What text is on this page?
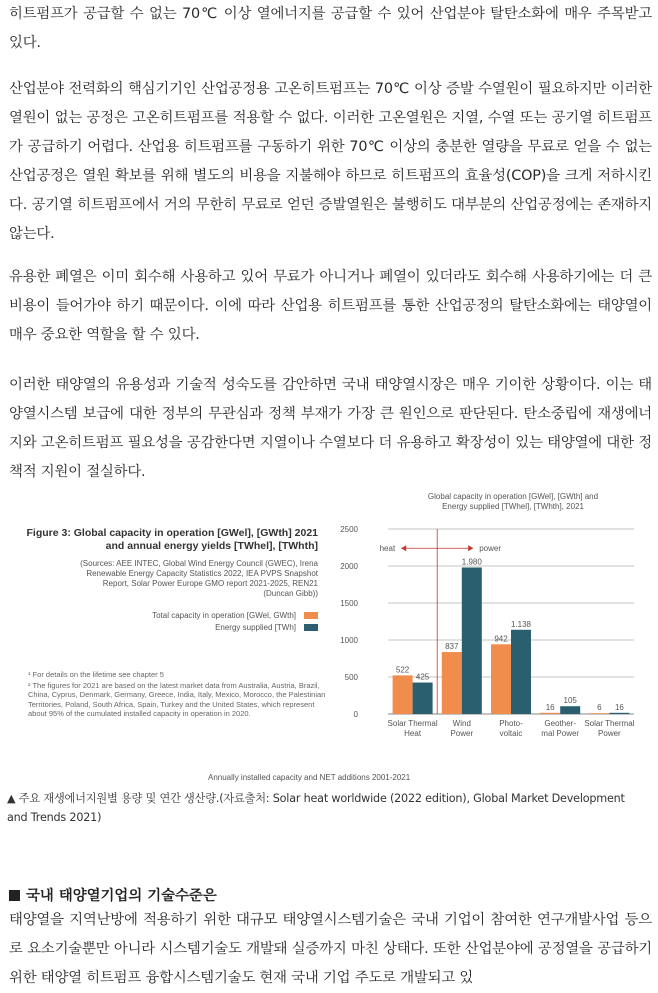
히트펌프가 공급할 수 없는 70℃ 이상 열에너지를 공급할 수 있어 산업분야 탈탄소화에 매우 주목받고 있다.

산업분야 전력화의 핵심기기인 산업공정용 고온히트펌프는 70℃ 이상 증발 수열원이 필요하지만 이러한 열원이 없는 공정은 고온히트펌프를 적용할 수 없다. 이러한 고온열원은 지열, 수열 또는 공기열 히트펌프가 공급하기 어렵다. 산업용 히트펌프를 구동하기 위한 70℃ 이상의 충분한 열량을 무료로 얻을 수 없는 산업공정은 열원 확보를 위해 별도의 비용을 지불해야 하므로 히트펌프의 효율성(COP)을 크게 저하시킨다. 공기열 히트펌프에서 거의 무한히 무료로 얻던 증발열원은 불행히도 대부분의 산업공정에는 존재하지 않는다.

유용한 폐열은 이미 회수해 사용하고 있어 무료가 아니거나 폐열이 있더라도 회수해 사용하기에는 더 큰 비용이 들어가야 하기 때문이다. 이에 따라 산업용 히트펌프를 통한 산업공정의 탈탄소화에는 태양열이 매우 중요한 역할을 할 수 있다.

이러한 태양열의 유용성과 기술적 성숙도를 감안하면 국내 태양열시장은 매우 기이한 상황이다. 이는 태양열시스템 보급에 대한 정부의 무관심과 정책 부재가 가장 큰 원인으로 판단된다. 탄소중립에 재생에너지와 고온히트펌프 필요성을 공감한다면 지열이나 수열보다 더 유용하고 확장성이 있는 태양열에 대한 정책적 지원이 절실하다.

Figure 3: Global capacity in operation [GWel], [GWth] 2021
and annual energy yields [TWhel], [TWhth]
(Sources: AEE INTEC, Global Wind Energy Council (GWEC), Irena
Renewable Energy Capacity Statistics 2022, IEA PVPS Snapshot
Report, Solar Power Europe GMO report 2021-2025, REN21
(Duncan Gibb))
Total capacity in operation [GWel, GWth]
Energy supplied [TWh]

¹ For details on the lifetime see chapter 5

² The figures for 2021 are based on the latest market data from Australia, Austria, Brazil, China, Cyprus, Denmark, Germany, Greece, India, Italy, Mexico, Morocco, the Palestinian Territories, Poland, South Africa, Spain, Turkey and the United States, which represent about 95% of the cumulated installed capacity in operation in 2020.

Global capacity in operation [GWel], [GWth] and
Energy supplied [TWhel], [TWhth], 2021
0
500
1000
1500
2000
2500
heat	power
522
425
Solar Thermal
Heat
837
1.980
Wind
Power
942
1.138
Photo-
voltaic
16
105
Geother-
mal Power
6 16
Solar Thermal
Power
Annually installed capacity and NET additions 2001-2021
▲ 주요 재생에너지원별 용량 및 연간 생산량.(자료출처: Solar heat worldwide (2022 edition), Global Market Development and Trends 2021)
국내 태양열기업의 기술수준은

태양열을 지역난방에 적용하기 위한 대규모 태양열시스템기술은 국내 기업이 참여한 연구개발사업 등으로 요소기술뿐만 아니라 시스템기술도 개발돼 실증까지 마친 상태다. 또한 산업분야에 공정열을 공급하기 위한 태양열 히트펌프 융합시스템기술도 현재 국내 기업 주도로 개발되고 있
